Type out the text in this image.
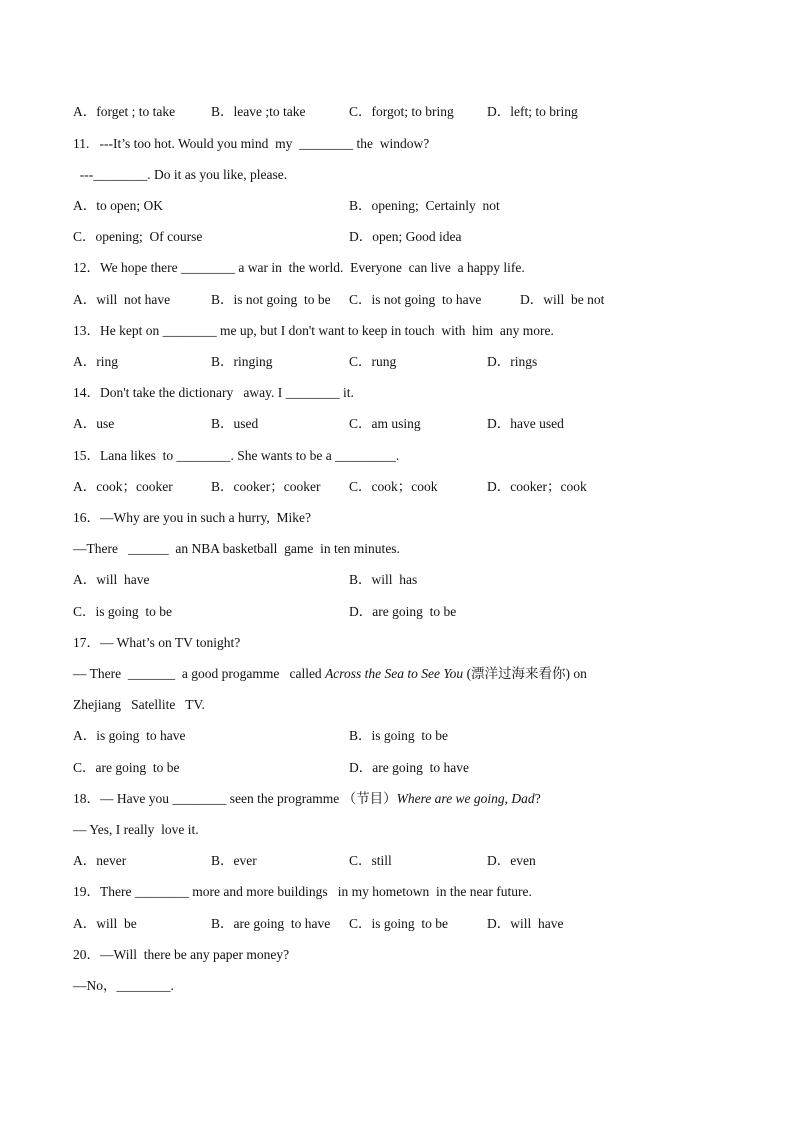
A．forget ; to take	B．leave ;to take	C．forgot; to bring D．left; to bring
11.   ---It’s too hot. Would you mind  my  ________ the  window?
---________. Do it as you like, please.
A．to open; OK	B．opening;  Certainly  not
C．opening;  Of course	D．open; Good idea
12．We hope there ________ a war in  the world.  Everyone  can live  a happy life.
A．will  not have	B．is not going  to be C．is not going  to have	D．will  be not
13．He kept on ________ me up, but I don't want to keep in touch  with  him  any more.
A．ring	B．ringing	C．rung	D．rings
14．Don't take the dictionary   away. I ________ it.
A．use	B．used	C．am using	D．have used
15．Lana likes  to ________. She wants to be a _________.
A．cook；cooker	B．cooker；cooker C．cook；cook	D．cooker；cook
16．—Why are you in such a hurry,  Mike?
—There   ______  an NBA basketball  game  in ten minutes.
A．will  have	B．will  has
C．is going  to be	D．are going  to be
17．— What’s on TV tonight?
— There  _______  a good progamme   called Across the Sea to See You (漂洋过海来看你) on
Zhejiang   Satellite   TV.
A．is going  to have	B．is going  to be
C．are going  to be	D．are going  to have
18．— Have you ________ seen the programme （节目）Where are we going, Dad?
— Yes, I really  love it.
A．never	B．ever	C．still	D．even
19．There ________ more and more buildings   in my hometown  in the near future.
A．will  be	B．are going  to have C．is going  to be	D．will  have
20．—Will  there be any paper money?
—No，________.
